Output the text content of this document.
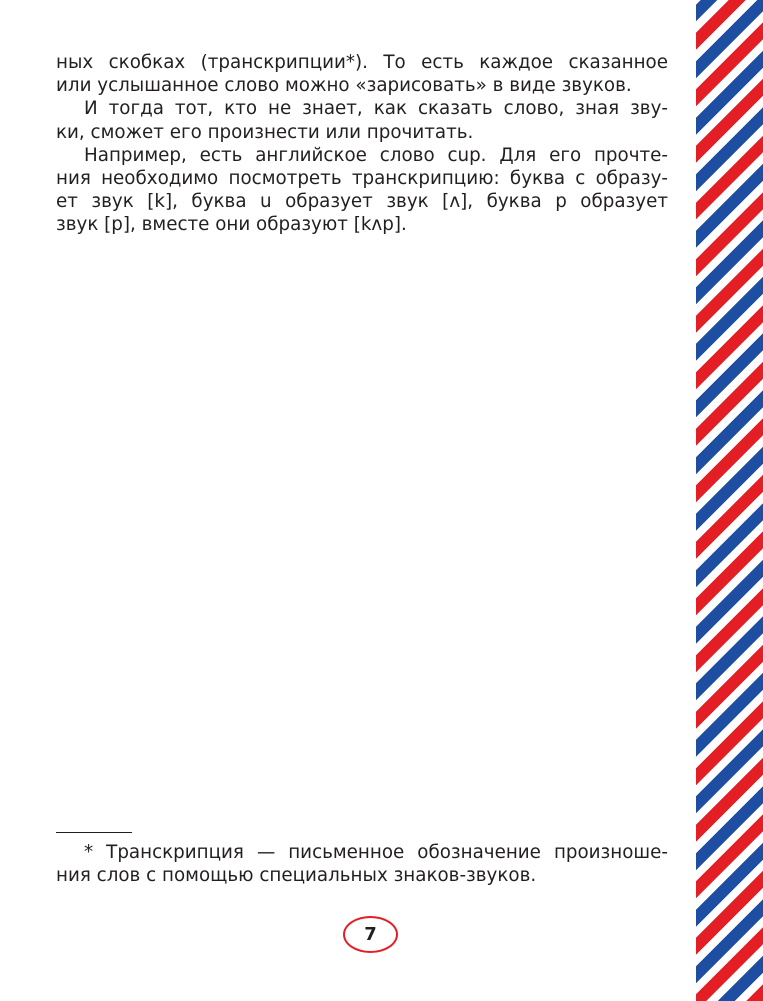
ных скобках (транскрипции*). То есть каждое сказанное

или услышанное слово можно «зарисовать» в виде звуков.

И тогда тот, кто не знает, как сказать слово, зная зву-

ки, сможет его произнести или прочитать.

Например, есть английское слово cup. Для его прочте-

ния необходимо посмотреть транскрипцию: буква с образу-

ет звук [k], буква u образует звук [ʌ], буква p образует

звук [p], вместе они образуют [kʌp].

* Транскрипция — письменное обозначение произноше-

ния слов с помощью специальных знаков-звуков.

7
